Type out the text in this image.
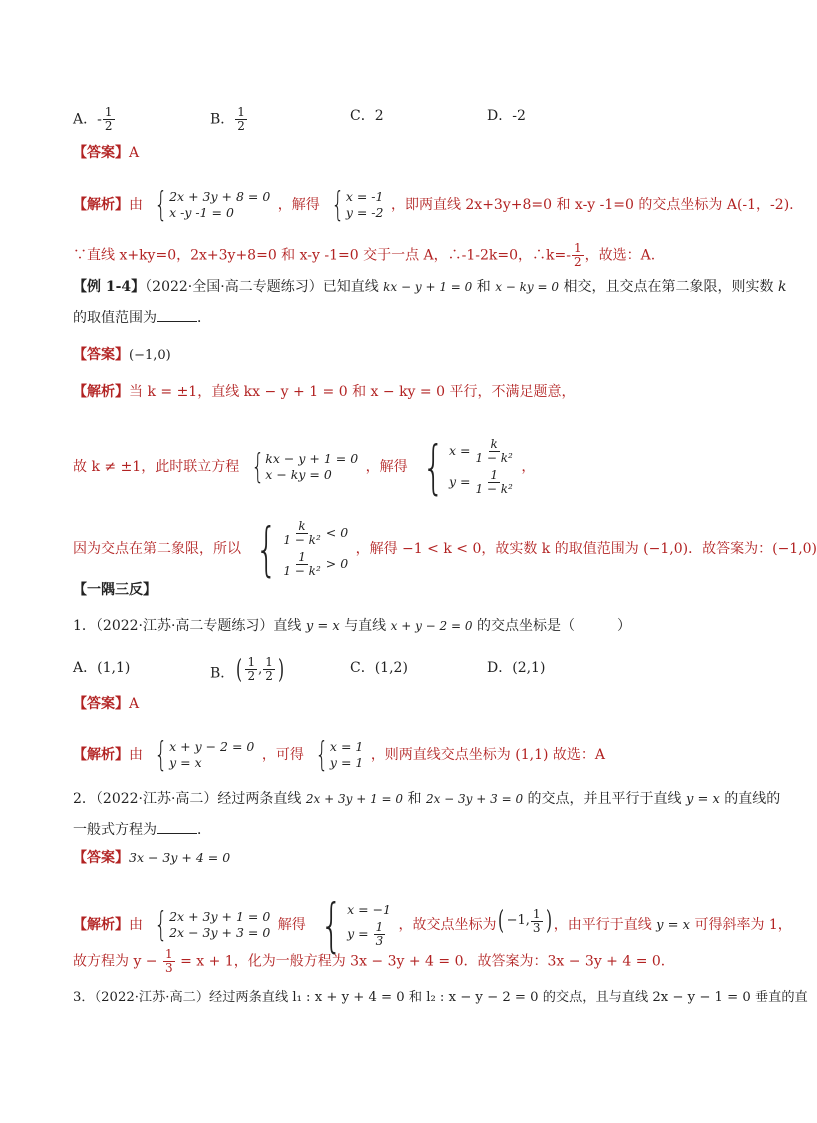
A．- $\frac{1}{2}$	B． $\frac{1}{2}$	C．2	D．-2
【答案】A
【解析】由 { 2x + 3y + 8 = 0
x -y -1 = 0	，解得 { x = -1
y = -2 ，即两直线 2x+3y+8=0 和 x-y -1=0 的交点坐标为 A(-1，-2).
∵直线 x+ky=0，2x+3y+8=0 和 x-y -1=0 交于一点 A，∴-1-2k=0，∴k=- $\frac{1}{2}$ ，故选：A.
【例 1-4】（2022·全国·高二专题练习）已知直线 kx − y + 1 = 0 和 x − ky = 0 相交，且交点在第二象限，则实数 k
的取值范围为	．
【答案】(−1,0)
【解析】当 k = ±1，直线 kx − y + 1 = 0 和 x − ky = 0 平行，不满足题意，
故 k ≠ ±1，此时联立方程 { kx − y + 1 = 0
x − ky = 0	，解得 { $x = \frac{k}{\text{1 − k²}}$
$y = \frac{1}{\text{1 − k²}}$
，
因为交点在第二象限，所以 { $\frac{k}{\text{1 − k²}} < 0$
$\frac{1}{\text{1 − k²}} > 0$
，解得 −1 < k < 0，故实数 k 的取值范围为 (−1,0)．故答案为：(−1,0)
【一隅三反】
1．（2022·江苏·高二专题练习）直线 y = x 与直线 x + y − 2 = 0 的交点坐标是（　　　）
A．(1,1)	B． ( $\frac{1}{2}$ , $\frac{1}{2}$ )	C．(1,2)	D．(2,1)
【答案】A
【解析】由 { x + y − 2 = 0
y = x	，可得 { x = 1
y = 1 ，则两直线交点坐标为 (1,1) 故选：A
2．（2022·江苏·高二）经过两条直线 2x + 3y + 1 = 0 和 2x − 3y + 3 = 0 的交点，并且平行于直线 y = x 的直线的
一般式方程为	．
【答案】3x − 3y + 4 = 0
【解析】由 { 2x + 3y + 1 = 0
2x − 3y + 3 = 0 解得 { x = −1
$y = \frac{1}{3}$ ，故交点坐标为 ( −1, $\frac{1}{3}$ ) ，由平行于直线 y = x 可得斜率为 1，
故方程为 $y - \frac{1}{3} = x + 1$，化为一般方程为 3x − 3y + 4 = 0．故答案为：3x − 3y + 4 = 0．
3．（2022·江苏·高二）经过两条直线 l₁ : x + y + 4 = 0 和 l₂ : x − y − 2 = 0 的交点，且与直线 2x − y − 1 = 0 垂直的直
